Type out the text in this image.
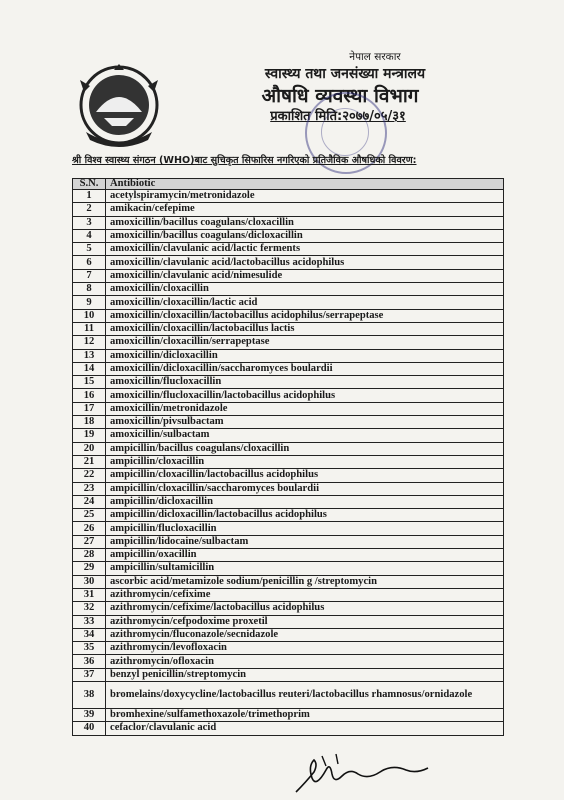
नेपाल सरकार
स्वास्थ्य तथा जनसंख्या मन्त्रालय
औषधि व्यवस्था विभाग
प्रकाशित मिति:२०७७/०५/३१
श्री विश्व स्वास्थ्य संगठन (WHO)बाट सुचिकृत सिफारिस नगरिएको प्रतिजैविक औषधिको विवरण:
S.N.	Antibiotic
1	acetylspiramycin/metronidazole
2	amikacin/cefepime
3	amoxicillin/bacillus coagulans/cloxacillin
4	amoxicillin/bacillus coagulans/dicloxacillin
5	amoxicillin/clavulanic acid/lactic ferments
6	amoxicillin/clavulanic acid/lactobacillus acidophilus
7	amoxicillin/clavulanic acid/nimesulide
8	amoxicillin/cloxacillin
9	amoxicillin/cloxacillin/lactic acid
10	amoxicillin/cloxacillin/lactobacillus acidophilus/serrapeptase
11	amoxicillin/cloxacillin/lactobacillus lactis
12	amoxicillin/cloxacillin/serrapeptase
13	amoxicillin/dicloxacillin
14	amoxicillin/dicloxacillin/saccharomyces boulardii
15	amoxicillin/flucloxacillin
16	amoxicillin/flucloxacillin/lactobacillus acidophilus
17	amoxicillin/metronidazole
18	amoxicillin/pivsulbactam
19	amoxicillin/sulbactam
20	ampicillin/bacillus coagulans/cloxacillin
21	ampicillin/cloxacillin
22	ampicillin/cloxacillin/lactobacillus acidophilus
23	ampicillin/cloxacillin/saccharomyces boulardii
24	ampicillin/dicloxacillin
25	ampicillin/dicloxacillin/lactobacillus acidophilus
26	ampicillin/flucloxacillin
27	ampicillin/lidocaine/sulbactam
28	ampicillin/oxacillin
29	ampicillin/sultamicillin
30	ascorbic acid/metamizole sodium/penicillin g /streptomycin
31	azithromycin/cefixime
32	azithromycin/cefixime/lactobacillus acidophilus
33	azithromycin/cefpodoxime proxetil
34	azithromycin/fluconazole/secnidazole
35	azithromycin/levofloxacin
36	azithromycin/ofloxacin
37	benzyl penicillin/streptomycin
38	bromelains/doxycycline/lactobacillus reuteri/lactobacillus rhamnosus/ornidazole
39	bromhexine/sulfamethoxazole/trimethoprim
40	cefaclor/clavulanic acid
